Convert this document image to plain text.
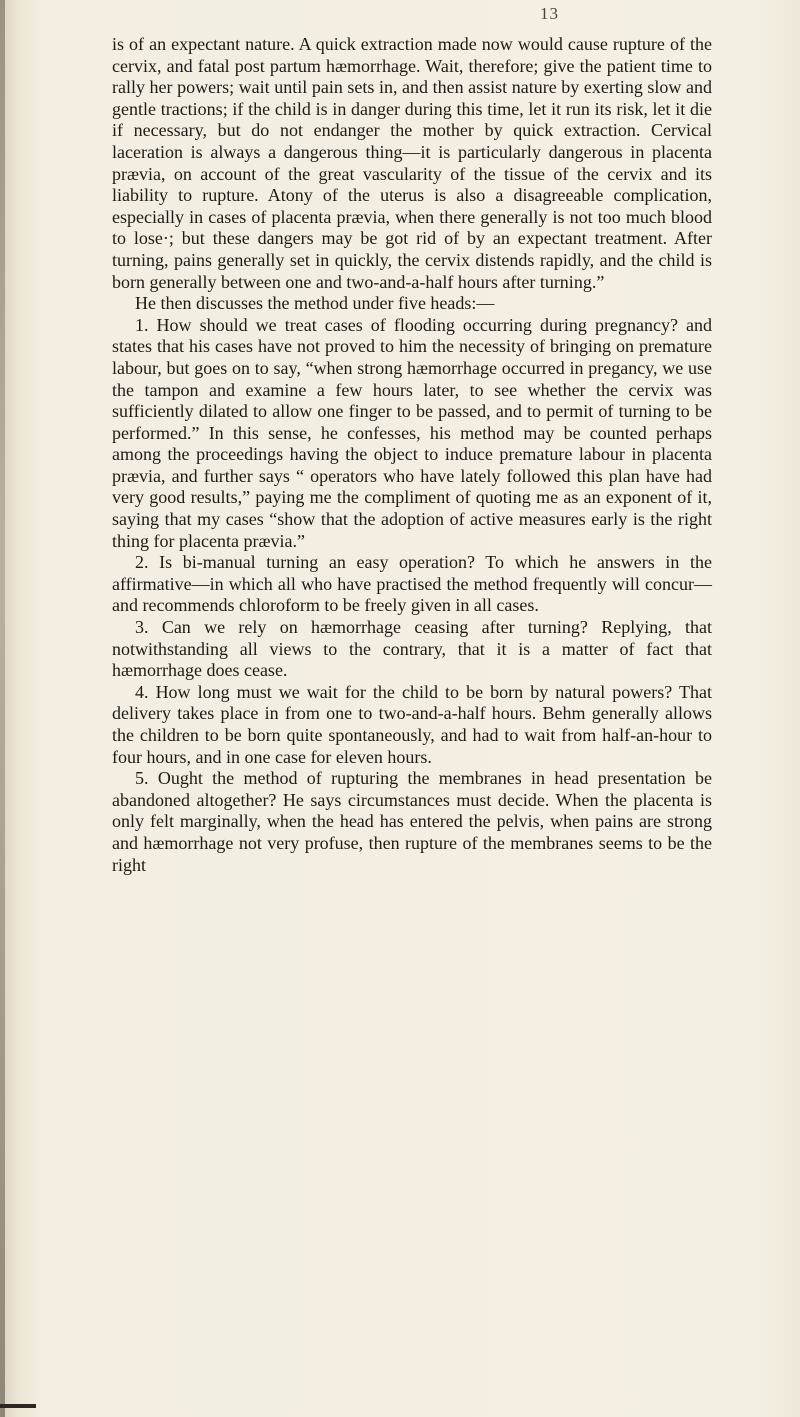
13

is of an expectant nature. A quick extraction made now would cause rupture of the cervix, and fatal post partum hæmorrhage. Wait, therefore; give the patient time to rally her powers; wait until pain sets in, and then assist nature by exerting slow and gentle tractions; if the child is in danger during this time, let it run its risk, let it die if necessary, but do not endanger the mother by quick extraction. Cervical laceration is always a dangerous thing—it is particularly dangerous in placenta prævia, on account of the great vascularity of the tissue of the cervix and its liability to rupture. Atony of the uterus is also a disagreeable complication, especially in cases of placenta prævia, when there generally is not too much blood to lose·; but these dangers may be got rid of by an expectant treatment. After turning, pains generally set in quickly, the cervix distends rapidly, and the child is born generally between one and two-and-a-half hours after turning.”

He then discusses the method under five heads:—

1. How should we treat cases of flooding occurring during pregnancy? and states that his cases have not proved to him the necessity of bringing on premature labour, but goes on to say, “when strong hæmorrhage occurred in pregancy, we use the tampon and examine a few hours later, to see whether the cervix was sufficiently dilated to allow one finger to be passed, and to permit of turning to be performed.” In this sense, he confesses, his method may be counted perhaps among the proceedings having the object to induce premature labour in placenta prævia, and further says “ operators who have lately followed this plan have had very good results,” paying me the compliment of quoting me as an exponent of it, saying that my cases “show that the adoption of active measures early is the right thing for placenta prævia.”

2. Is bi-manual turning an easy operation? To which he answers in the affirmative—in which all who have practised the method frequently will concur—and recommends chloroform to be freely given in all cases.

3. Can we rely on hæmorrhage ceasing after turning? Replying, that notwithstanding all views to the contrary, that it is a matter of fact that hæmorrhage does cease.

4. How long must we wait for the child to be born by natural powers? That delivery takes place in from one to two-and-a-half hours. Behm generally allows the children to be born quite spontaneously, and had to wait from half-an-hour to four hours, and in one case for eleven hours.

5. Ought the method of rupturing the membranes in head presentation be abandoned altogether? He says circumstances must decide. When the placenta is only felt marginally, when the head has entered the pelvis, when pains are strong and hæmorrhage not very profuse, then rupture of the membranes seems to be the right
